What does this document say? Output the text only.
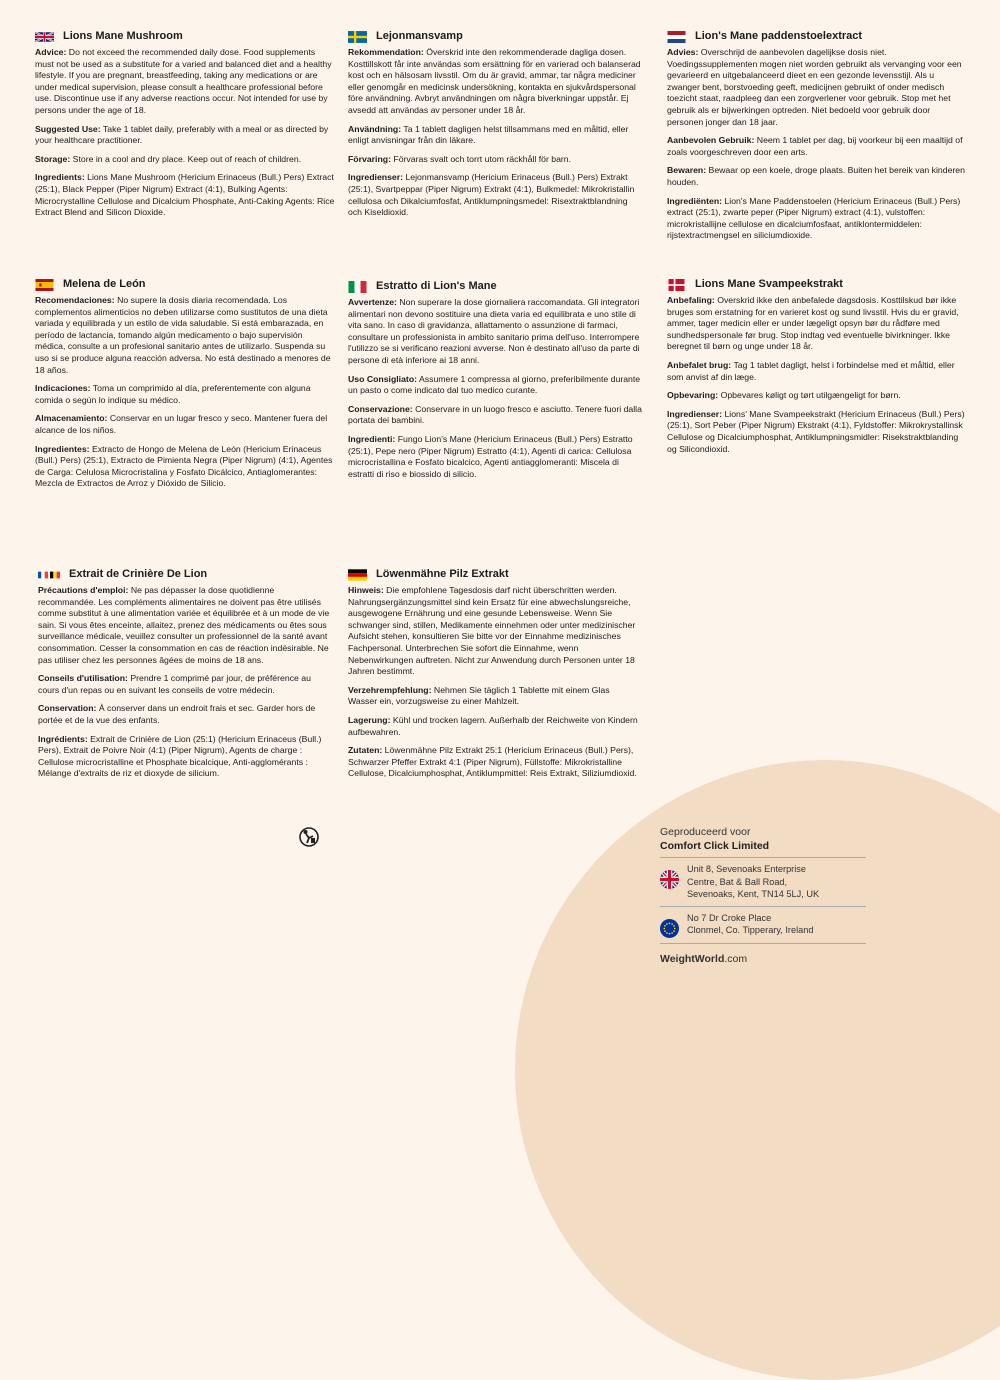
Lions Mane Mushroom

Advice: Do not exceed the recommended daily dose. Food supplements must not be used as a substitute for a varied and balanced diet and a healthy lifestyle. If you are pregnant, breastfeeding, taking any medications or are under medical supervision, please consult a healthcare professional before use. Discontinue use if any adverse reactions occur. Not intended for use by persons under the age of 18.

Suggested Use: Take 1 tablet daily, preferably with a meal or as directed by your healthcare practitioner.

Storage: Store in a cool and dry place. Keep out of reach of children.

Ingredients: Lions Mane Mushroom (Hericium Erinaceus (Bull.) Pers) Extract (25:1), Black Pepper (Piper Nigrum) Extract (4:1), Bulking Agents: Microcrystalline Cellulose and Dicalcium Phosphate, Anti-Caking Agents: Rice Extract Blend and Silicon Dioxide.

Lejonmansvamp

Rekommendation: Överskrid inte den rekommenderade dagliga dosen. Kosttillskott får inte användas som ersättning för en varierad och balanserad kost och en hälsosam livsstil. Om du är gravid, ammar, tar några mediciner eller genomgår en medicinsk undersökning, kontakta en sjukvårdspersonal före användning. Avbryt användningen om några biverkningar uppstår. Ej avsedd att användas av personer under 18 år.

Användning: Ta 1 tablett dagligen helst tillsammans med en måltid, eller enligt anvisningar från din läkare.

Förvaring: Förvaras svalt och torrt utom räckhåll för barn.

Ingredienser: Lejonmansvamp (Hericium Erinaceus (Bull.) Pers) Extrakt (25:1), Svartpeppar (Piper Nigrum) Extrakt (4:1), Bulkmedel: Mikrokristallin cellulosa och Dikalciumfosfat, Antiklumpningsmedel: Risextraktblandning och Kiseldioxid.

Lion's Mane paddenstoelextract

Advies: Overschrijd de aanbevolen dagelijkse dosis niet. Voedingssupplementen mogen niet worden gebruikt als vervanging voor een gevarieerd en uitgebalanceerd dieet en een gezonde levensstijl. Als u zwanger bent, borstvoeding geeft, medicijnen gebruikt of onder medisch toezicht staat, raadpleeg dan een zorgverlener voor gebruik. Stop met het gebruik als er bijwerkingen optreden. Niet bedoeld voor gebruik door personen jonger dan 18 jaar.

Aanbevolen Gebruik: Neem 1 tablet per dag, bij voorkeur bij een maaltijd of zoals voorgeschreven door een arts.

Bewaren: Bewaar op een koele, droge plaats. Buiten het bereik van kinderen houden.

Ingrediënten: Lion's Mane Paddenstoelen (Hericium Erinaceus (Bull.) Pers) extract (25:1), zwarte peper (Piper Nigrum) extract (4:1), vulstoffen: microkristallijne cellulose en dicalciumfosfaat, antiklontermiddelen: rijstextractmengsel en siliciumdioxide.

Melena de León

Recomendaciones: No supere la dosis diaria recomendada. Los complementos alimenticios no deben utilizarse como sustitutos de una dieta variada y equilibrada y un estilo de vida saludable. Si está embarazada, en período de lactancia, tomando algún medicamento o bajo supervisión médica, consulte a un profesional sanitario antes de utilizarlo. Suspenda su uso si se produce alguna reacción adversa. No está destinado a menores de 18 años.

Indicaciones: Toma un comprimido al día, preferentemente con alguna comida o según lo indique su médico.

Almacenamiento: Conservar en un lugar fresco y seco. Mantener fuera del alcance de los niños.

Ingredientes: Extracto de Hongo de Melena de León (Hericium Erinaceus (Bull.) Pers) (25:1), Extracto de Pimienta Negra (Piper Nigrum) (4:1), Agentes de Carga: Celulosa Microcristalina y Fosfato Dicálcico, Antiaglomerantes: Mezcla de Extractos de Arroz y Dióxido de Silicio.

Estratto di Lion's Mane

Avvertenze: Non superare la dose giornaliera raccomandata. Gli integratori alimentari non devono sostituire una dieta varia ed equilibrata e uno stile di vita sano. In caso di gravidanza, allattamento o assunzione di farmaci, consultare un professionista in ambito sanitario prima dell'uso. Interrompere l'utilizzo se si verificano reazioni avverse. Non è destinato all'uso da parte di persone di età inferiore ai 18 anni.

Uso Consigliato: Assumere 1 compressa al giorno, preferibilmente durante un pasto o come indicato dal tuo medico curante.

Conservazione: Conservare in un luogo fresco e asciutto. Tenere fuori dalla portata dei bambini.

Ingredienti: Fungo Lion's Mane (Hericium Erinaceus (Bull.) Pers) Estratto (25:1), Pepe nero (Piper Nigrum) Estratto (4:1), Agenti di carica: Cellulosa microcristallina e Fosfato bicalcico, Agenti antiagglomeranti: Miscela di estratti di riso e biossido di silicio.

Lions Mane Svampeekstrakt

Anbefaling: Overskrid ikke den anbefalede dagsdosis. Kosttilskud bør ikke bruges som erstatning for en varieret kost og sund livsstil. Hvis du er gravid, ammer, tager medicin eller er under lægeligt opsyn bør du rådføre med sundhedspersonale før brug. Stop indtag ved eventuelle bivirkninger. Ikke beregnet til børn og unge under 18 år.

Anbefalet brug: Tag 1 tablet dagligt, helst i forbindelse med et måltid, eller som anvist af din læge.

Opbevaring: Opbevares køligt og tørt utilgængeligt for børn.

Ingredienser: Lions' Mane Svampeekstrakt (Hericium Erinaceus (Bull.) Pers) (25:1), Sort Peber (Piper Nigrum) Ekstrakt (4:1), Fyldstoffer: Mikrokrystallinsk Cellulose og Dicalciumphosphat, Antiklumpningsmidler: Risekstraktblanding og Silicondioxid.

Extrait de Crinière De Lion

Précautions d'emploi: Ne pas dépasser la dose quotidienne recommandée. Les compléments alimentaires ne doivent pas être utilisés comme substitut à une alimentation variée et équilibrée et à un mode de vie sain. Si vous êtes enceinte, allaitez, prenez des médicaments ou êtes sous surveillance médicale, veuillez consulter un professionnel de la santé avant consommation. Cesser la consommation en cas de réaction indésirable. Ne pas utiliser chez les personnes âgées de moins de 18 ans.

Conseils d'utilisation: Prendre 1 comprimé par jour, de préférence au cours d'un repas ou en suivant les conseils de votre médecin.

Conservation: À conserver dans un endroit frais et sec. Garder hors de portée et de la vue des enfants.

Ingrédients: Extrait de Crinière de Lion (25:1) (Hericium Erinaceus (Bull.) Pers), Extrait de Poivre Noir (4:1) (Piper Nigrum), Agents de charge : Cellulose microcristalline et Phosphate bicalcique, Anti-agglomérants : Mélange d'extraits de riz et dioxyde de silicium.

Löwenmähne Pilz Extrakt

Hinweis: Die empfohlene Tagesdosis darf nicht überschritten werden. Nahrungsergänzungsmittel sind kein Ersatz für eine abwechslungsreiche, ausgewogene Ernährung und eine gesunde Lebensweise. Wenn Sie schwanger sind, stillen, Medikamente einnehmen oder unter medizinischer Aufsicht stehen, konsultieren Sie bitte vor der Einnahme medizinisches Fachpersonal. Unterbrechen Sie sofort die Einnahme, wenn Nebenwirkungen auftreten. Nicht zur Anwendung durch Personen unter 18 Jahren bestimmt.

Verzehrempfehlung: Nehmen Sie täglich 1 Tablette mit einem Glas Wasser ein, vorzugsweise zu einer Mahlzeit.

Lagerung: Kühl und trocken lagern. Außerhalb der Reichweite von Kindern aufbewahren.

Zutaten: Löwenmähne Pilz Extrakt 25:1 (Hericium Erinaceus (Bull.) Pers), Schwarzer Pfeffer Extrakt 4:1 (Piper Nigrum), Füllstoffe: Mikrokristalline Cellulose, Dicalciumphosphat, Antiklumpmittel: Reis Extrakt, Siliziumdioxid.

Geproduceerd voor
Comfort Click Limited
Unit 8, Sevenoaks Enterprise
Centre, Bat & Ball Road,
Sevenoaks, Kent, TN14 5LJ, UK
No 7 Dr Croke Place
Clonmel, Co. Tipperary, Ireland
WeightWorld.com
